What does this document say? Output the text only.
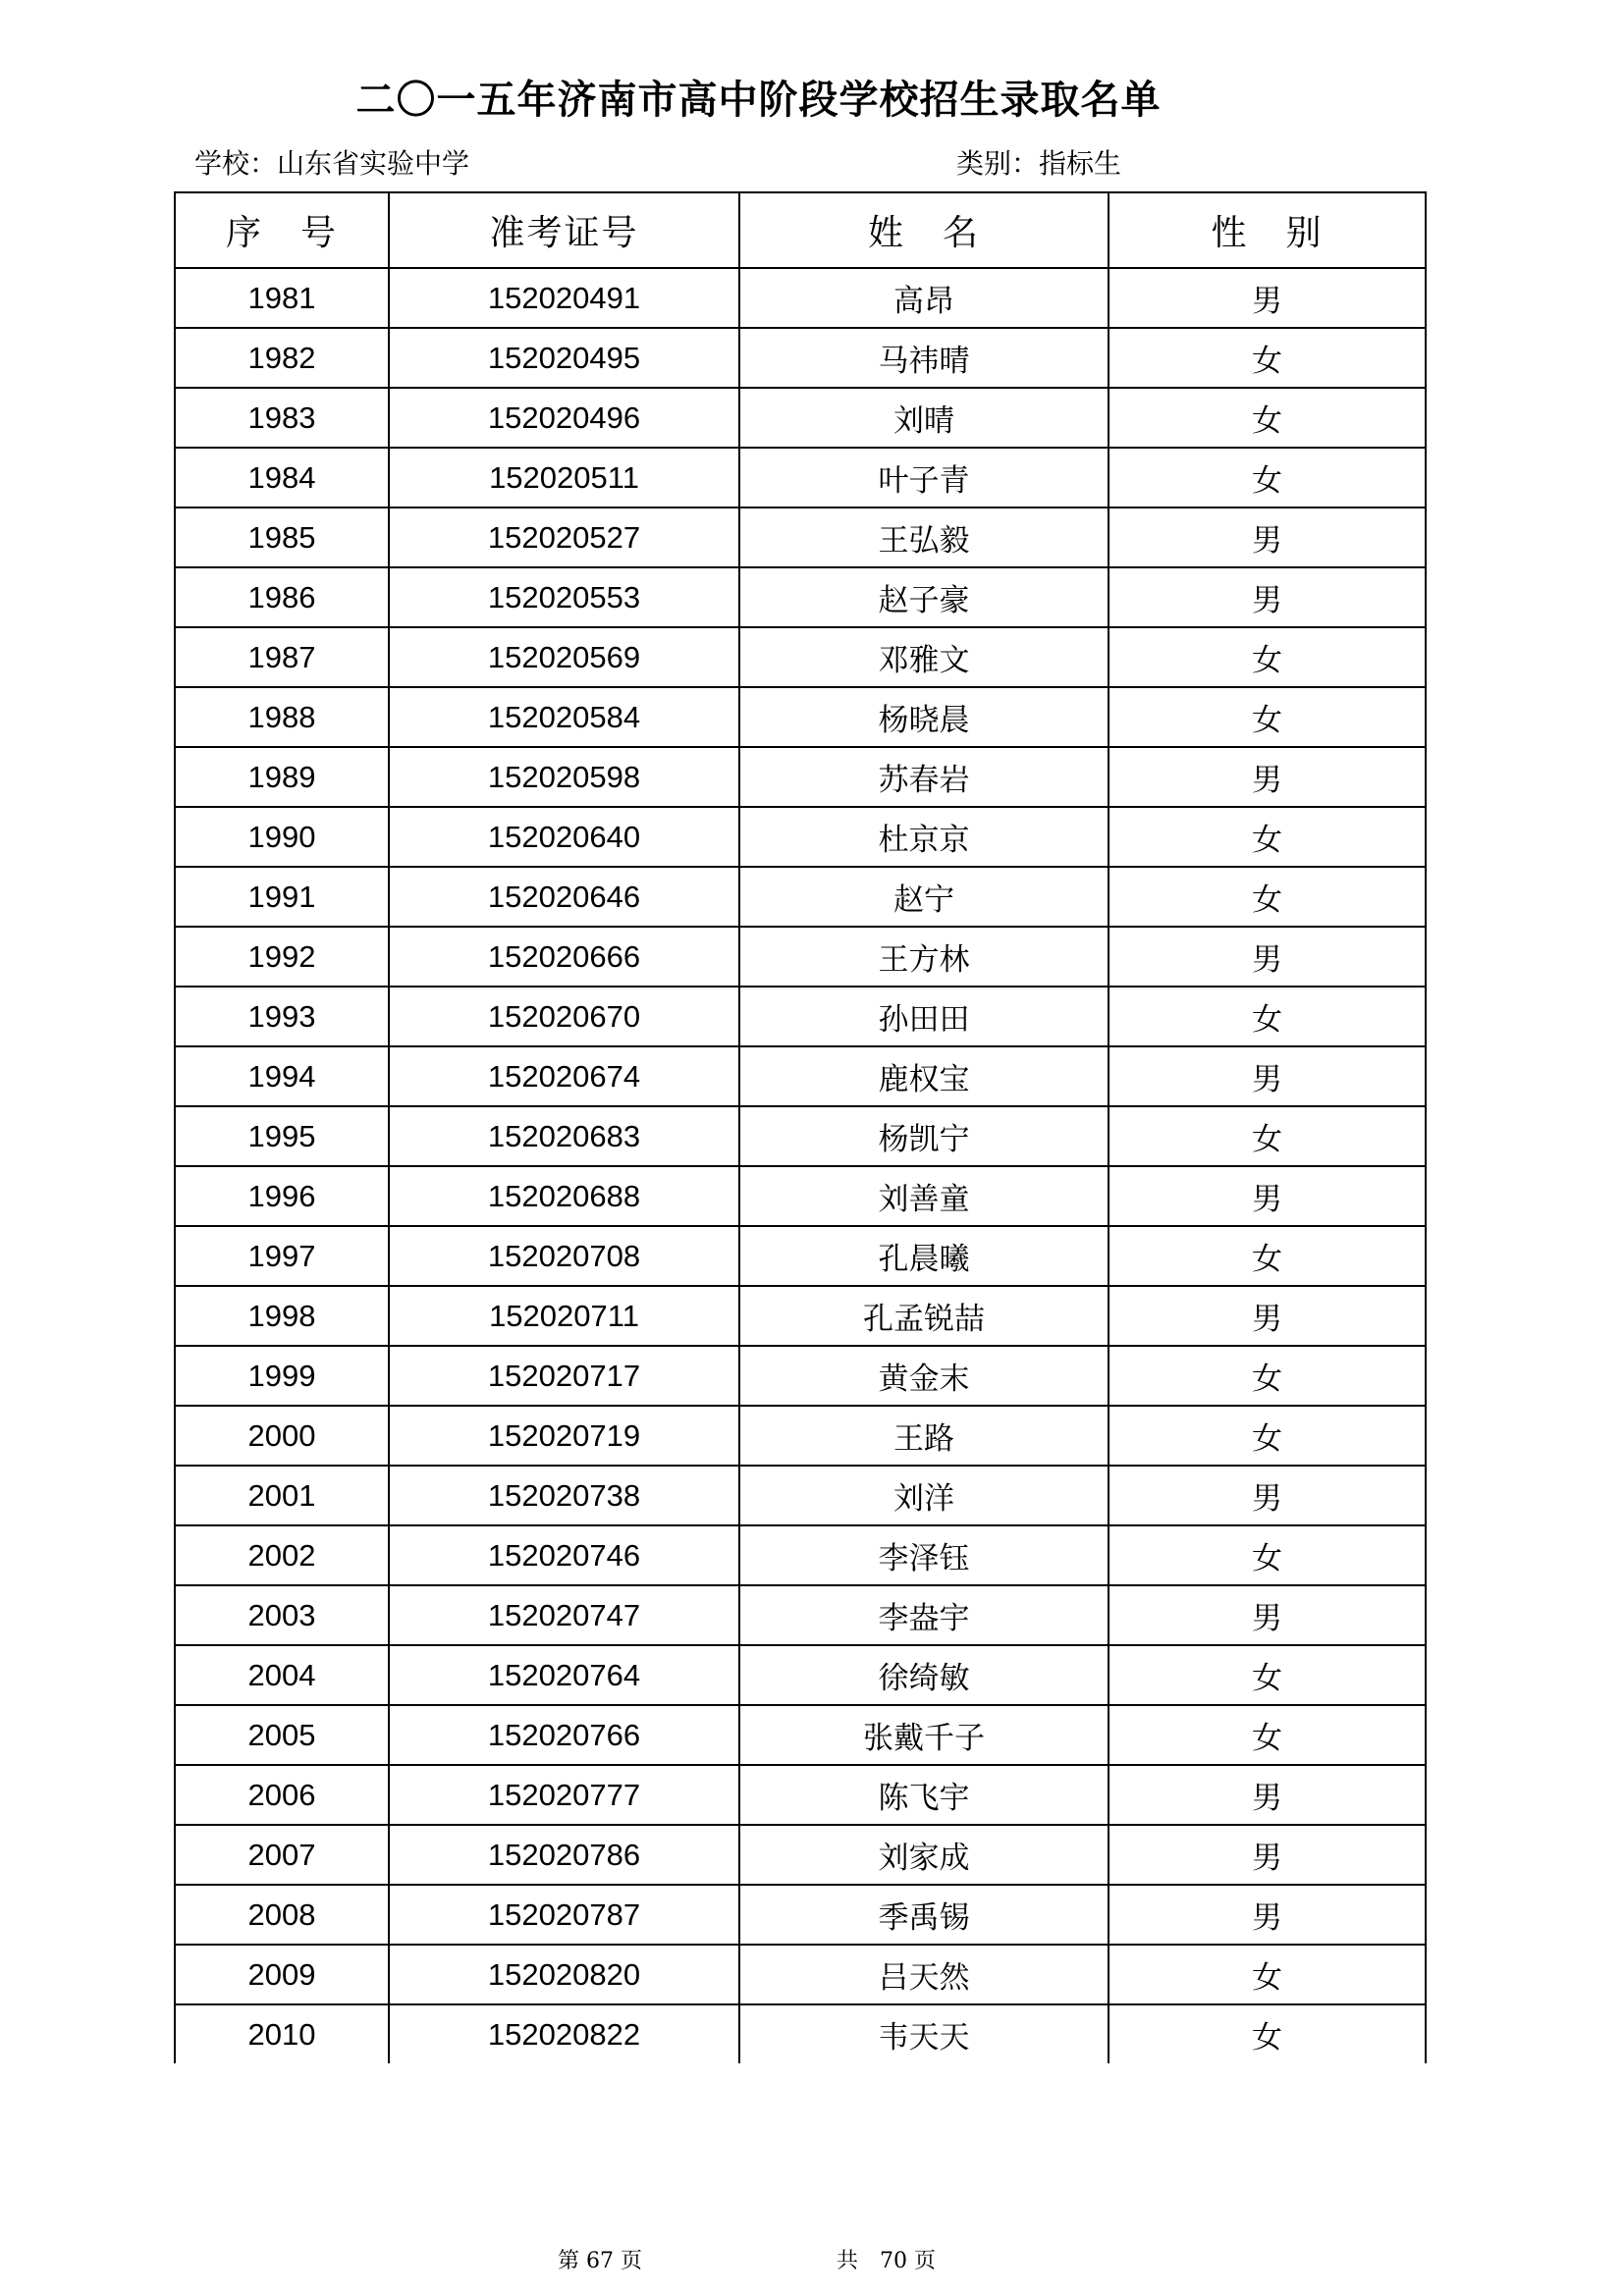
二〇一五年济南市高中阶段学校招生录取名单
学校：山东省实验中学	类别：指标生
序　号	准考证号	姓　名	性　别
1981	152020491	高昂	男
1982	152020495	马祎晴	女
1983	152020496	刘晴	女
1984	152020511	叶子青	女
1985	152020527	王弘毅	男
1986	152020553	赵子豪	男
1987	152020569	邓雅文	女
1988	152020584	杨晓晨	女
1989	152020598	苏春岩	男
1990	152020640	杜京京	女
1991	152020646	赵宁	女
1992	152020666	王方林	男
1993	152020670	孙田田	女
1994	152020674	鹿权宝	男
1995	152020683	杨凯宁	女
1996	152020688	刘善童	男
1997	152020708	孔晨曦	女
1998	152020711	孔孟锐喆	男
1999	152020717	黄金末	女
2000	152020719	王路	女
2001	152020738	刘洋	男
2002	152020746	李泽钰	女
2003	152020747	李盎宇	男
2004	152020764	徐绮敏	女
2005	152020766	张戴千子	女
2006	152020777	陈飞宇	男
2007	152020786	刘家成	男
2008	152020787	季禹锡	男
2009	152020820	吕天然	女
2010	152020822	韦天天	女
第 67 页	共　70 页
